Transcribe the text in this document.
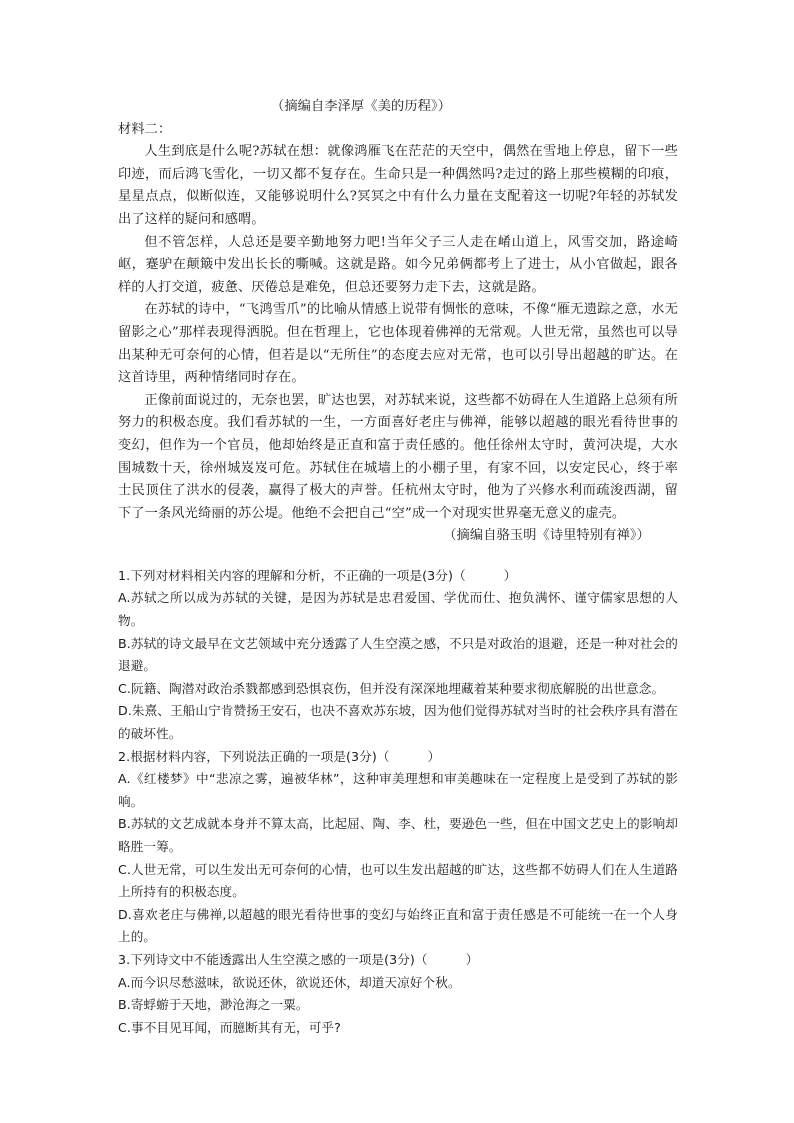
（摘编自李泽厚《美的历程》）

材料二：

人生到底是什么呢?苏轼在想：就像鸿雁飞在茫茫的天空中，偶然在雪地上停息，留下一些印迹，而后鸿飞雪化，一切又都不复存在。生命只是一种偶然吗?走过的路上那些模糊的印痕，星星点点，似断似连，又能够说明什么?冥冥之中有什么力量在支配着这一切呢?年轻的苏轼发出了这样的疑问和感喟。

但不管怎样，人总还是要辛勤地努力吧!当年父子三人走在崤山道上，风雪交加，路途崎岖，蹇驴在颠簸中发出长长的嘶喊。这就是路。如今兄弟俩都考上了进士，从小官做起，跟各样的人打交道，疲惫、厌倦总是难免，但总还要努力走下去，这就是路。

在苏轼的诗中，“飞鸿雪爪”的比喻从情感上说带有惆怅的意味，不像“雁无遗踪之意，水无留影之心”那样表现得洒脱。但在哲理上，它也体现着佛禅的无常观。人世无常，虽然也可以导出某种无可奈何的心情，但若是以“无所住”的态度去应对无常，也可以引导出超越的旷达。在这首诗里，两种情绪同时存在。

正像前面说过的，无奈也罢，旷达也罢，对苏轼来说，这些都不妨碍在人生道路上总须有所努力的积极态度。我们看苏轼的一生，一方面喜好老庄与佛禅，能够以超越的眼光看待世事的变幻，但作为一个官员，他却始终是正直和富于责任感的。他任徐州太守时，黄河决堤，大水围城数十天，徐州城岌岌可危。苏轼住在城墙上的小棚子里，有家不回，以安定民心，终于率士民顶住了洪水的侵袭，赢得了极大的声誉。任杭州太守时，他为了兴修水利而疏浚西湖，留下了一条风光绮丽的苏公堤。他绝不会把自己“空”成一个对现实世界毫无意义的虚壳。

（摘编自骆玉明《诗里特别有禅》）

1.下列对材料相关内容的理解和分析，不正确的一项是(3分)（　　　）

A.苏轼之所以成为苏轼的关键，是因为苏轼是忠君爱国、学优而仕、抱负满怀、谨守儒家思想的人物。

B.苏轼的诗文最早在文艺领域中充分透露了人生空漠之感，不只是对政治的退避，还是一种对社会的退避。

C.阮籍、陶潜对政治杀戮都感到恐惧哀伤，但并没有深深地埋藏着某种要求彻底解脱的出世意念。

D.朱熹、王船山宁肯赞扬王安石，也决不喜欢苏东坡，因为他们觉得苏轼对当时的社会秩序具有潜在的破坏性。

2.根据材料内容，下列说法正确的一项是(3分)（　　　）

A.《红楼梦》中“悲凉之雾，遍被华林”，这种审美理想和审美趣味在一定程度上是受到了苏轼的影响。

B.苏轼的文艺成就本身并不算太高，比起屈、陶、李、杜，要逊色一些，但在中国文艺史上的影响却略胜一筹。

C.人世无常，可以生发出无可奈何的心情，也可以生发出超越的旷达，这些都不妨碍人们在人生道路上所持有的积极态度。

D.喜欢老庄与佛禅,以超越的眼光看待世事的变幻与始终正直和富于责任感是不可能统一在一个人身上的。

3.下列诗文中不能透露出人生空漠之感的一项是(3分)（　　　）

A.而今识尽愁滋味，欲说还休，欲说还休，却道天凉好个秋。

B.寄蜉蝣于天地，渺沧海之一粟。

C.事不目见耳闻，而臆断其有无，可乎?
